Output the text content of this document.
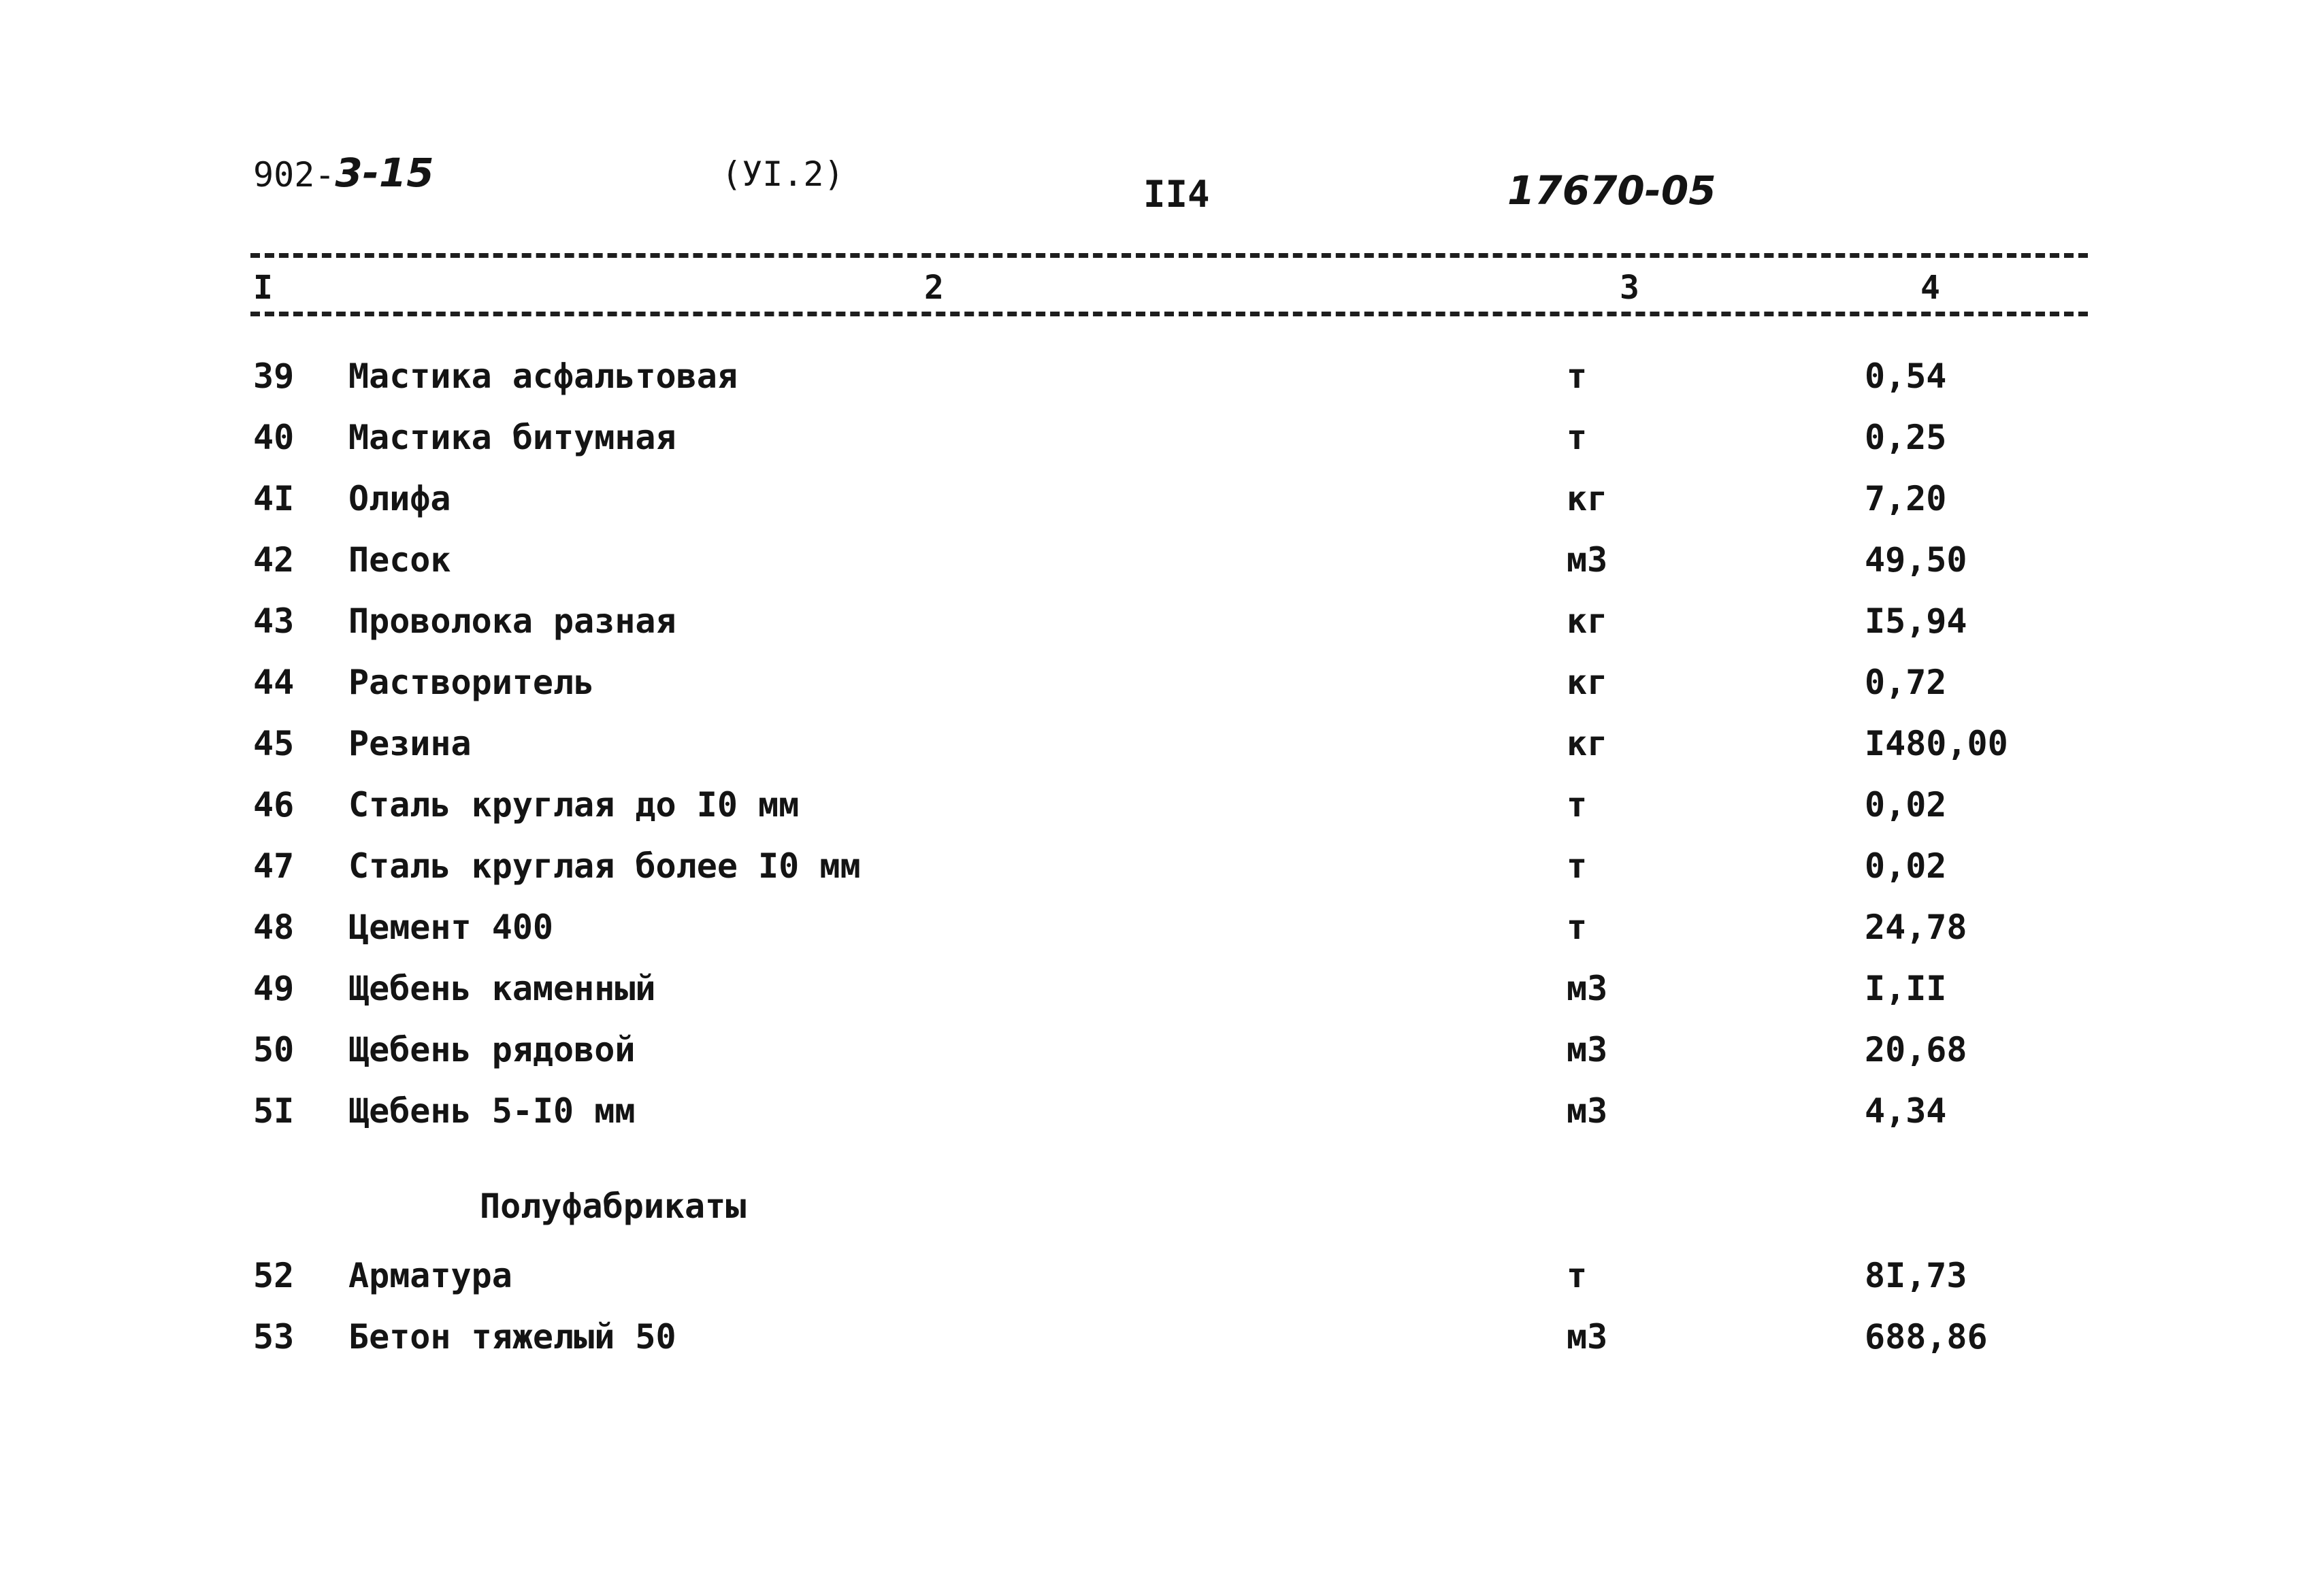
902-3-15	(УI.2)	II4	17670-05
I	2	3	4
39 Мастика асфальтовая	т	0,54
40 Мастика битумная	т	0,25
4I Олифа	кг	7,20
42 Песок	м3	49,50
43 Проволока разная	кг	I5,94
44 Растворитель	кг	0,72
45 Резина	кг	I480,00
46 Сталь круглая до I0 мм	т	0,02
47 Сталь круглая более I0 мм	т	0,02
48 Цемент 400	т	24,78
49 Щебень каменный	м3	I,II
50 Щебень рядовой	м3	20,68
5I Щебень 5-I0 мм	м3	4,34
Полуфабрикаты
52 Арматура	т	8I,73
53 Бетон тяжелый 50	м3	688,86
